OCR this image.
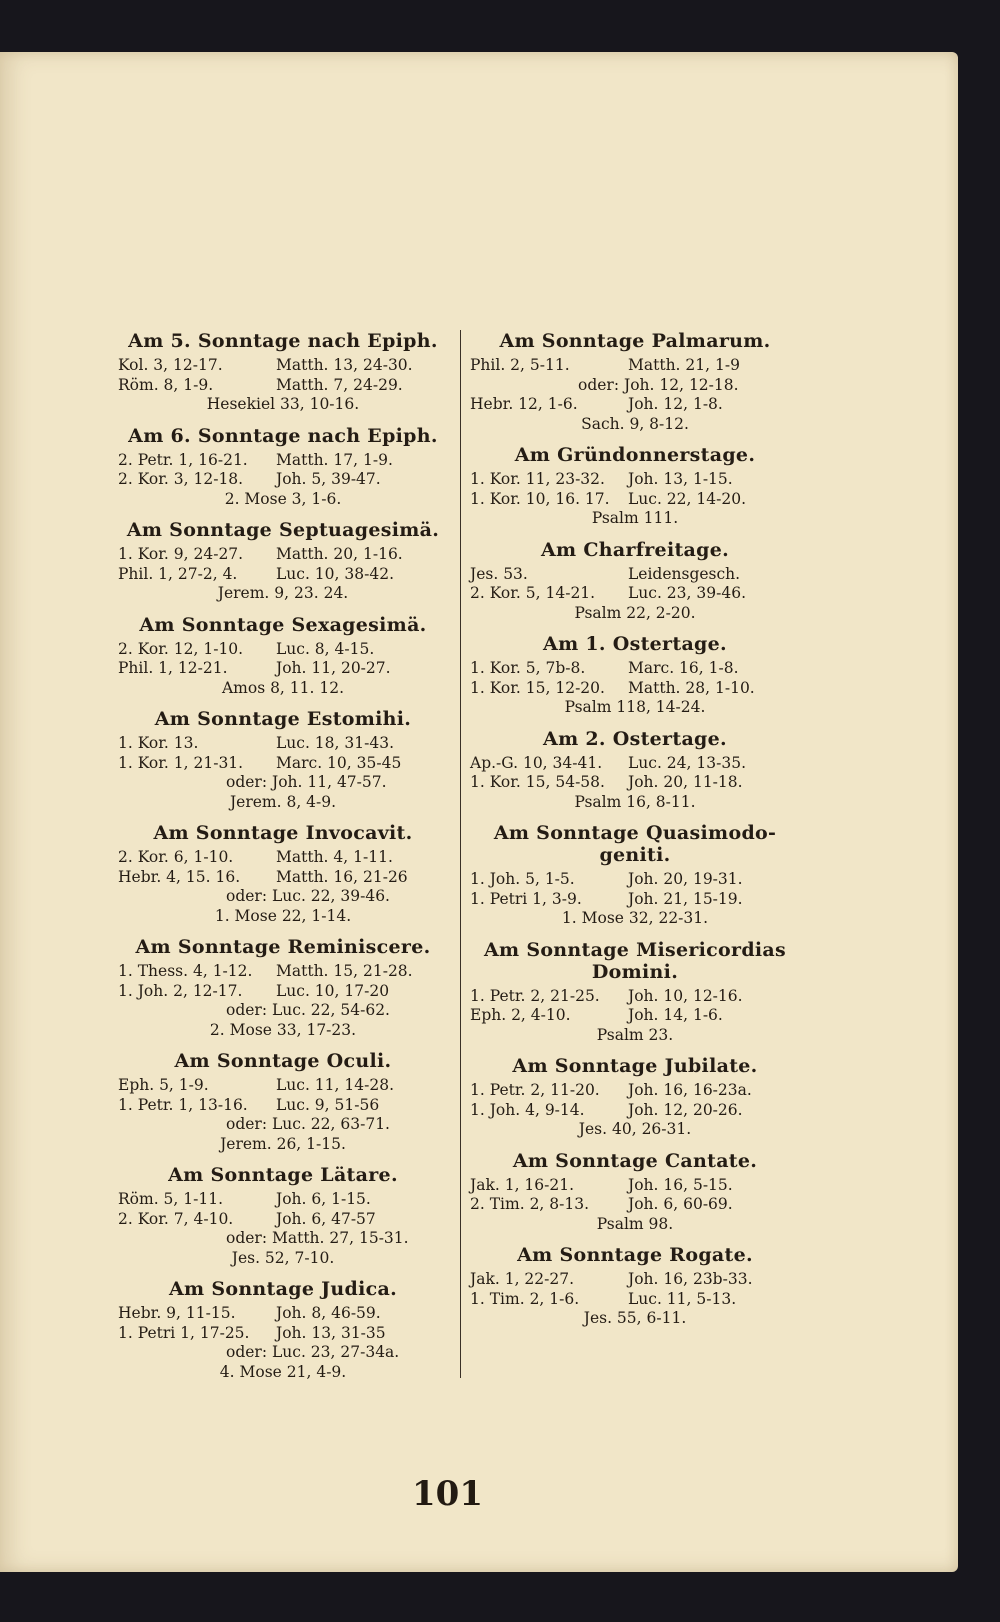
Am 5. Sonntage nach Epiph.
Kol. 3, 12-17.	Matth. 13, 24-30.
Röm. 8, 1-9.	Matth. 7, 24-29.
Hesekiel 33, 10-16.
Am 6. Sonntage nach Epiph.
2. Petr. 1, 16-21. Matth. 17, 1-9.
2. Kor. 3, 12-18. Joh. 5, 39-47.
2. Mose 3, 1-6.
Am Sonntage Septuagesimä.
1. Kor. 9, 24-27. Matth. 20, 1-16.
Phil. 1, 27-2, 4. Luc. 10, 38-42.
Jerem. 9, 23. 24.
Am Sonntage Sexagesimä.
2. Kor. 12, 1-10. Luc. 8, 4-15.
Phil. 1, 12-21.	Joh. 11, 20-27.
Amos 8, 11. 12.
Am Sonntage Estomihi.
1. Kor. 13.	Luc. 18, 31-43.
1. Kor. 1, 21-31. Marc. 10, 35-45
oder: Joh. 11, 47-57.
Jerem. 8, 4-9.
Am Sonntage Invocavit.
2. Kor. 6, 1-10.	Matth. 4, 1-11.
Hebr. 4, 15. 16. Matth. 16, 21-26
oder: Luc. 22, 39-46.
1. Mose 22, 1-14.
Am Sonntage Reminiscere.
1. Thess. 4, 1-12. Matth. 15, 21-28.
1. Joh. 2, 12-17. Luc. 10, 17-20
oder: Luc. 22, 54-62.
2. Mose 33, 17-23.
Am Sonntage Oculi.
Eph. 5, 1-9.	Luc. 11, 14-28.
1. Petr. 1, 13-16. Luc. 9, 51-56
oder: Luc. 22, 63-71.
Jerem. 26, 1-15.
Am Sonntage Lätare.
Röm. 5, 1-11.	Joh. 6, 1-15.
2. Kor. 7, 4-10.	Joh. 6, 47-57
oder: Matth. 27, 15-31.
Jes. 52, 7-10.
Am Sonntage Judica.
Hebr. 9, 11-15.	Joh. 8, 46-59.
1. Petri 1, 17-25. Joh. 13, 31-35
oder: Luc. 23, 27-34a.
4. Mose 21, 4-9.
Am Sonntage Palmarum.
Phil. 2, 5-11.	Matth. 21, 1-9
oder: Joh. 12, 12-18.
Hebr. 12, 1-6.	Joh. 12, 1-8.
Sach. 9, 8-12.
Am Gründonnerstage.
1. Kor. 11, 23-32. Joh. 13, 1-15.
1. Kor. 10, 16. 17. Luc. 22, 14-20.
Psalm 111.
Am Charfreitage.
Jes. 53.	Leidensgesch.
2. Kor. 5, 14-21. Luc. 23, 39-46.
Psalm 22, 2-20.
Am 1. Ostertage.
1. Kor. 5, 7b-8.	Marc. 16, 1-8.
1. Kor. 15, 12-20. Matth. 28, 1-10.
Psalm 118, 14-24.
Am 2. Ostertage.
Ap.-G. 10, 34-41. Luc. 24, 13-35.
1. Kor. 15, 54-58. Joh. 20, 11-18.
Psalm 16, 8-11.
Am Sonntage Quasimodo-
geniti.
1. Joh. 5, 1-5.	Joh. 20, 19-31.
1. Petri 1, 3-9.	Joh. 21, 15-19.
1. Mose 32, 22-31.
Am Sonntage Misericordias
Domini.
1. Petr. 2, 21-25. Joh. 10, 12-16.
Eph. 2, 4-10.	Joh. 14, 1-6.
Psalm 23.
Am Sonntage Jubilate.
1. Petr. 2, 11-20. Joh. 16, 16-23a.
1. Joh. 4, 9-14.	Joh. 12, 20-26.
Jes. 40, 26-31.
Am Sonntage Cantate.
Jak. 1, 16-21.	Joh. 16, 5-15.
2. Tim. 2, 8-13.	Joh. 6, 60-69.
Psalm 98.
Am Sonntage Rogate.
Jak. 1, 22-27.	Joh. 16, 23b-33.
1. Tim. 2, 1-6.	Luc. 11, 5-13.
Jes. 55, 6-11.
101
